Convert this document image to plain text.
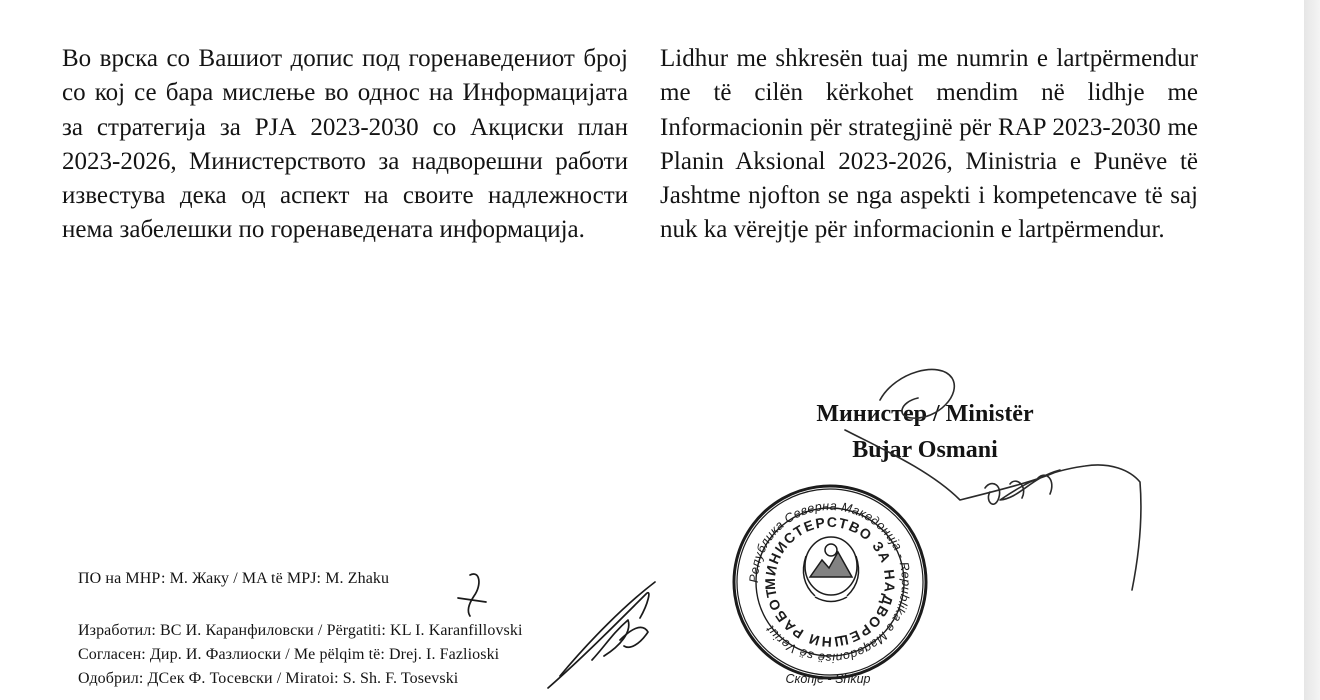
Во врска со Вашиот допис под горенаведениот број со кој се бара мислење во однос на Информацијата за стратегија за РЈА 2023-2030 со Акциски план 2023-2026, Министерството за надворешни работи известува дека од аспект на своите надлежности нема забелешки по горенаведената информација.

Lidhur me shkresën tuaj me numrin e lartpërmendur me të cilën kërkohet mendim në lidhje me Informacionin për strategjinë për RAP 2023-2030 me Planin Aksional 2023-2026, Ministria e Punëve të Jashtme njofton se nga aspekti i kompetencave të saj nuk ka vërejtje për informacionin e lartpërmendur.

Министер / Ministër
Bujar Osmani
Република Северна Македонија - Republika e Maqedonisë së Veriut
МИНИСТЕРСТВО ЗА НАДВОРЕШНИ РАБОТИ
Скопје - Shkup
ПО на МНР: М. Жаку / MA të MPJ: M. Zhaku
Изработил: ВС И. Каранфиловски / Përgatiti: KL I. Karanfillovski
Согласен: Дир. И. Фазлиоски / Me pëlqim të: Drej. I. Fazlioski
Одобрил: ДСек Ф. Тосевски / Miratoi: S. Sh. F. Tosevski
